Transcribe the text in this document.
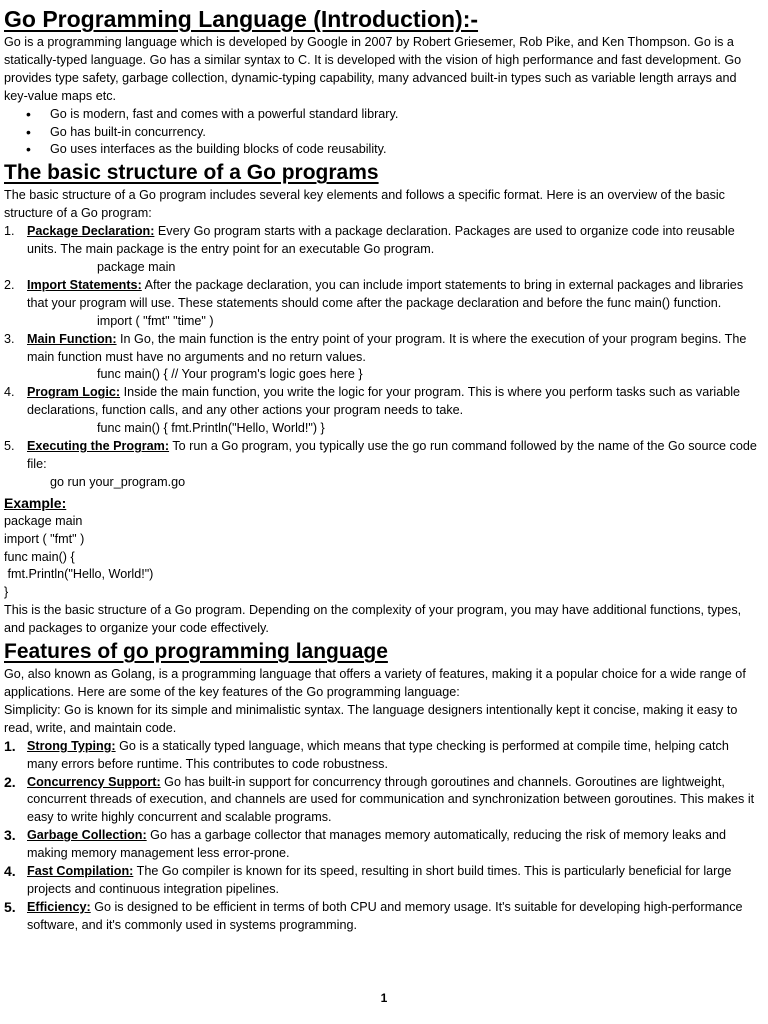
Go Programming Language (Introduction):-

Go is a programming language which is developed by Google in 2007 by Robert Griesemer, Rob Pike, and Ken Thompson. Go is a statically-typed language. Go has a similar syntax to C. It is developed with the vision of high performance and fast development. Go provides type safety, garbage collection, dynamic-typing capability, many advanced built-in types such as variable length arrays and key-value maps etc.

• Go is modern, fast and comes with a powerful standard library.
• Go has built-in concurrency.
• Go uses interfaces as the building blocks of code reusability.
The basic structure of a Go programs

The basic structure of a Go program includes several key elements and follows a specific format. Here is an overview of the basic structure of a Go program:

1. Package Declaration: Every Go program starts with a package declaration. Packages are used to organize code into reusable units. The main package is the entry point for an executable Go program.
package main
2. Import Statements: After the package declaration, you can include import statements to bring in external packages and libraries that your program will use. These statements should come after the package declaration and before the func main() function.
import ( "fmt" "time" )
3. Main Function: In Go, the main function is the entry point of your program. It is where the execution of your program begins. The main function must have no arguments and no return values.
func main() { // Your program's logic goes here }
4. Program Logic: Inside the main function, you write the logic for your program. This is where you perform tasks such as variable declarations, function calls, and any other actions your program needs to take.
func main() { fmt.Println("Hello, World!") }
5. Executing the Program: To run a Go program, you typically use the go run command followed by the name of the Go source code file:
go run your_program.go
Example:

package main

import ( "fmt" )

func main() {

fmt.Println("Hello, World!")

}

This is the basic structure of a Go program. Depending on the complexity of your program, you may have additional functions, types, and packages to organize your code effectively.

Features of go programming language

Go, also known as Golang, is a programming language that offers a variety of features, making it a popular choice for a wide range of applications. Here are some of the key features of the Go programming language:

Simplicity: Go is known for its simple and minimalistic syntax. The language designers intentionally kept it concise, making it easy to read, write, and maintain code.

1. Strong Typing: Go is a statically typed language, which means that type checking is performed at compile time, helping catch many errors before runtime. This contributes to code robustness.
2. Concurrency Support: Go has built-in support for concurrency through goroutines and channels. Goroutines are lightweight, concurrent threads of execution, and channels are used for communication and synchronization between goroutines. This makes it easy to write highly concurrent and scalable programs.
3. Garbage Collection: Go has a garbage collector that manages memory automatically, reducing the risk of memory leaks and making memory management less error-prone.
4. Fast Compilation: The Go compiler is known for its speed, resulting in short build times. This is particularly beneficial for large projects and continuous integration pipelines.
5. Efficiency: Go is designed to be efficient in terms of both CPU and memory usage. It's suitable for developing high-performance software, and it's commonly used in systems programming.
1
